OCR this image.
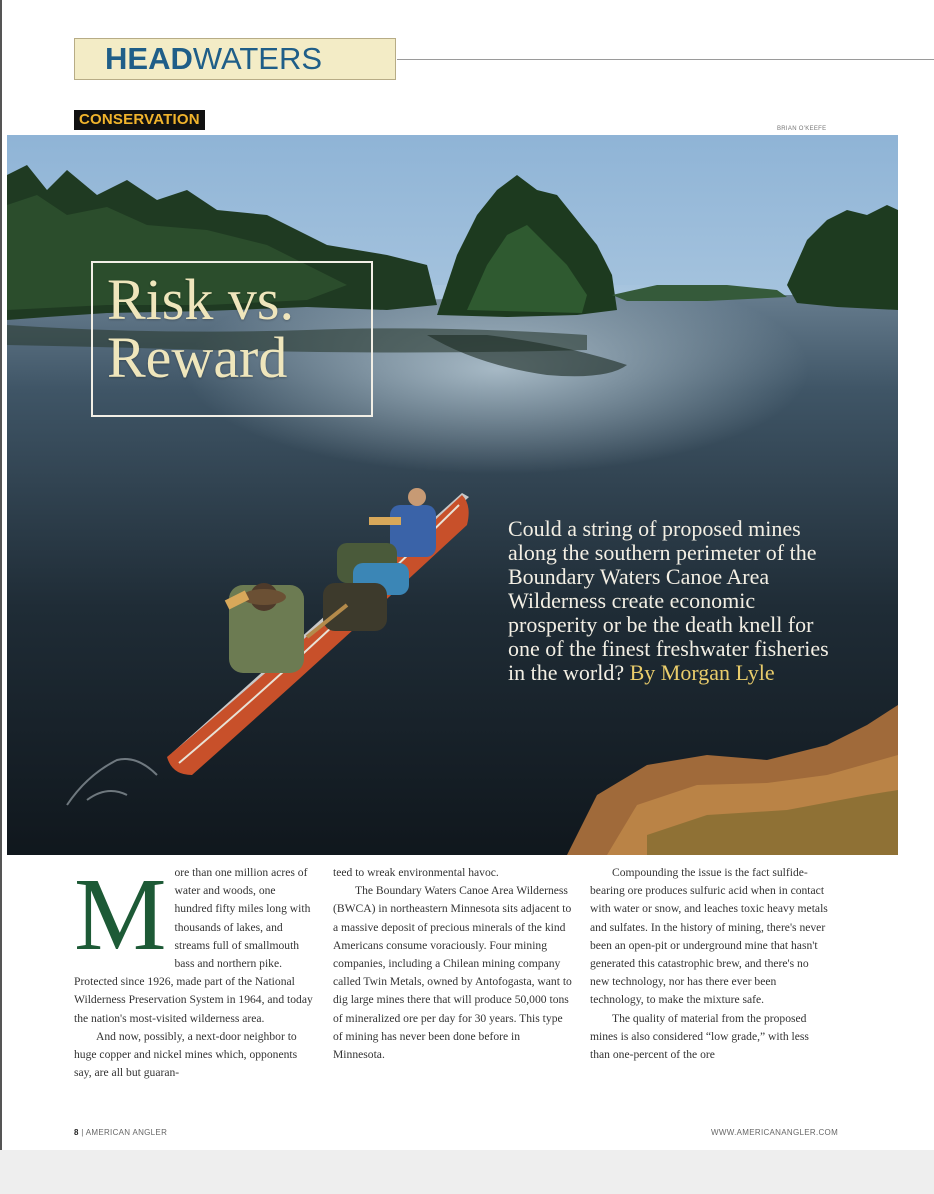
HEADWATERS
CONSERVATION
BRIAN O'KEEFE
Risk vs.
Reward
Could a string of proposed mines along the southern perimeter of the Boundary Waters Canoe Area Wilderness create economic prosperity or be the death knell for one of the finest freshwater fisheries in the world? By Morgan Lyle

More than one million acres of water and woods, one hundred fifty miles long with thousands of lakes, and streams full of smallmouth bass and northern pike. Protected since 1926, made part of the National Wilderness Preservation System in 1964, and today the nation's most-visited wilderness area.

And now, possibly, a next-door neighbor to huge copper and nickel mines which, opponents say, are all but guaran-

teed to wreak environmental havoc.

The Boundary Waters Canoe Area Wilderness (BWCA) in northeastern Minnesota sits adjacent to a massive deposit of precious minerals of the kind Americans consume voraciously. Four mining companies, including a Chilean mining company called Twin Metals, owned by Antofogasta, want to dig large mines there that will produce 50,000 tons of mineralized ore per day for 30 years. This type of mining has never been done before in Minnesota.

Compounding the issue is the fact sulfide-bearing ore produces sulfuric acid when in contact with water or snow, and leaches toxic heavy metals and sulfates. In the history of mining, there's never been an open-pit or underground mine that hasn't generated this catastrophic brew, and there's no new technology, nor has there ever been technology, to make the mixture safe.

The quality of material from the proposed mines is also considered “low grade,” with less than one-percent of the ore

8 | AMERICAN ANGLER	WWW.AMERICANANGLER.COM
